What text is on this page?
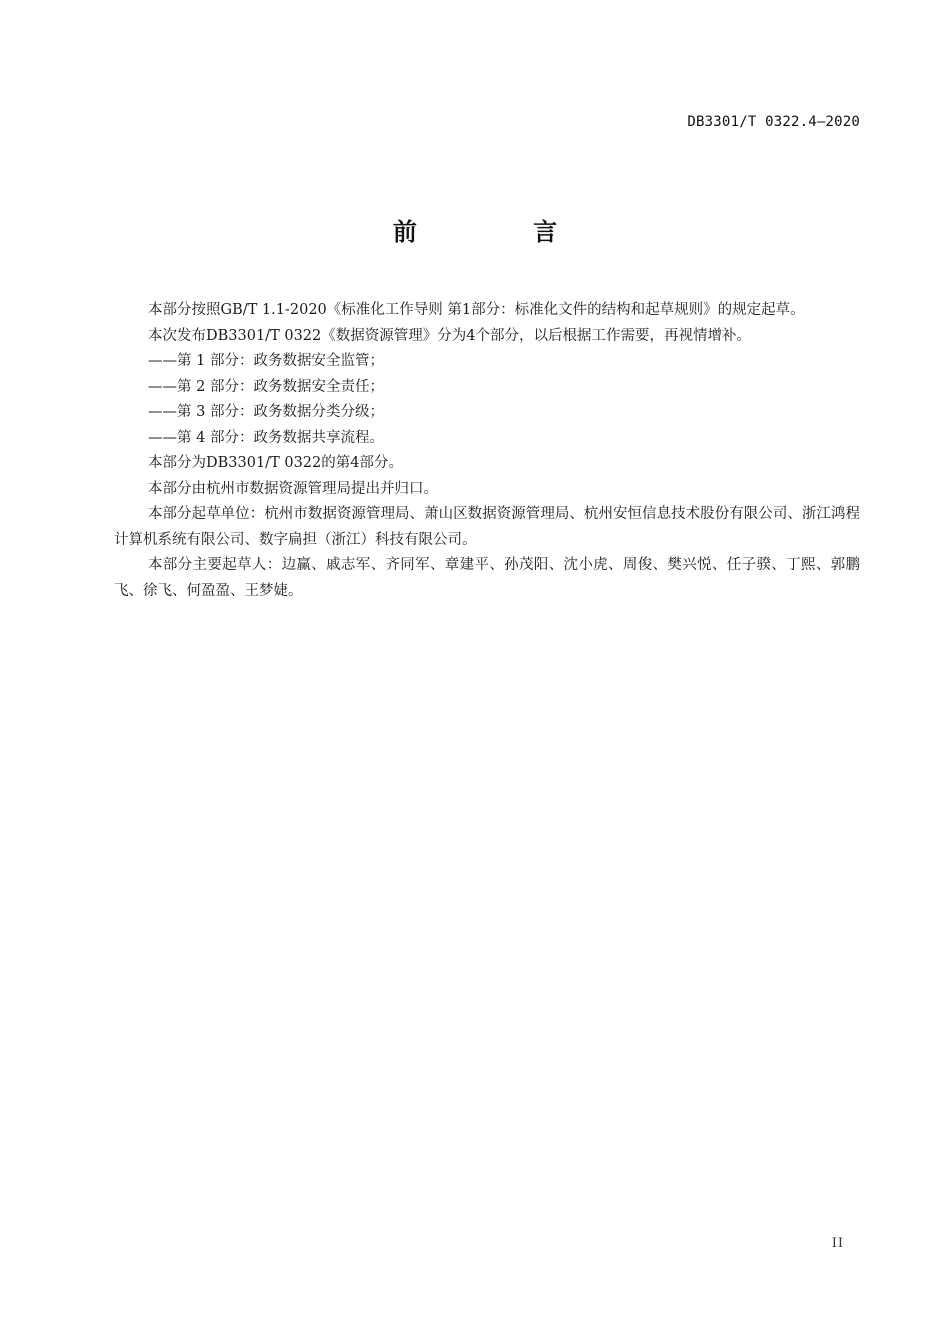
DB3301/T 0322.4—2020
前 言

本部分按照GB/T 1.1-2020《标准化工作导则 第1部分：标准化文件的结构和起草规则》的规定起草。

本次发布DB3301/T 0322《数据资源管理》分为4个部分，以后根据工作需要，再视情增补。

——第 1 部分：政务数据安全监管；

——第 2 部分：政务数据安全责任；

——第 3 部分：政务数据分类分级；

——第 4 部分：政务数据共享流程。

本部分为DB3301/T 0322的第4部分。

本部分由杭州市数据资源管理局提出并归口。

本部分起草单位：杭州市数据资源管理局、萧山区数据资源管理局、杭州安恒信息技术股份有限公司、浙江鸿程计算机系统有限公司、数字扁担（浙江）科技有限公司。

本部分主要起草人：边赢、戚志军、齐同军、章建平、孙茂阳、沈小虎、周俊、樊兴悦、任子骙、丁熙、郭鹏飞、徐飞、何盈盈、王梦婕。

II
